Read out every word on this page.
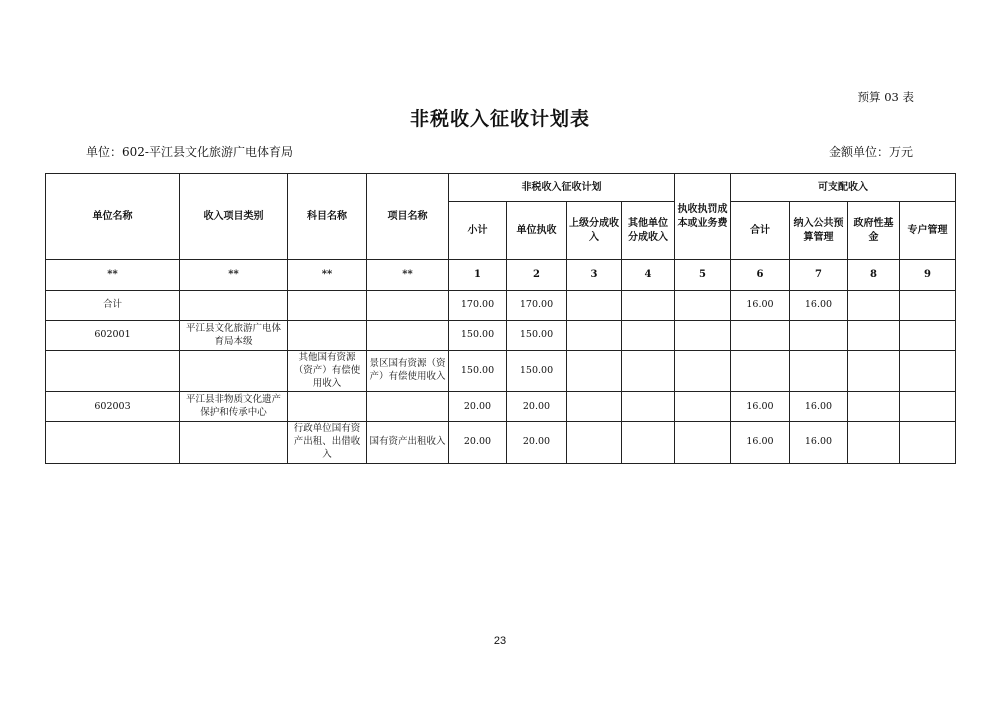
预算 03 表
非税收入征收计划表
单位：602-平江县文化旅游广电体育局	金额单位：万元
单位名称	收入项目类别	科目名称	项目名称	非税收入征收计划				执收执罚成本或业务费	可支配收入			
				小计	单位执收	上级分成收入	其他单位分成收入		合计	纳入公共预算管理	政府性基金	专户管理
**	**	**	**	1	2	3	4	5	6	7	8	9
合计				170.00	170.00				16.00	16.00		
602001	平江县文化旅游广电体育局本级			150.00	150.00							
		其他国有资源（资产）有偿使用收入	景区国有资源（资产）有偿使用收入	150.00	150.00							
602003	平江县非物质文化遗产保护和传承中心			20.00	20.00				16.00	16.00		
		行政单位国有资产出租、出借收入	国有资产出租收入	20.00	20.00				16.00	16.00		
23
